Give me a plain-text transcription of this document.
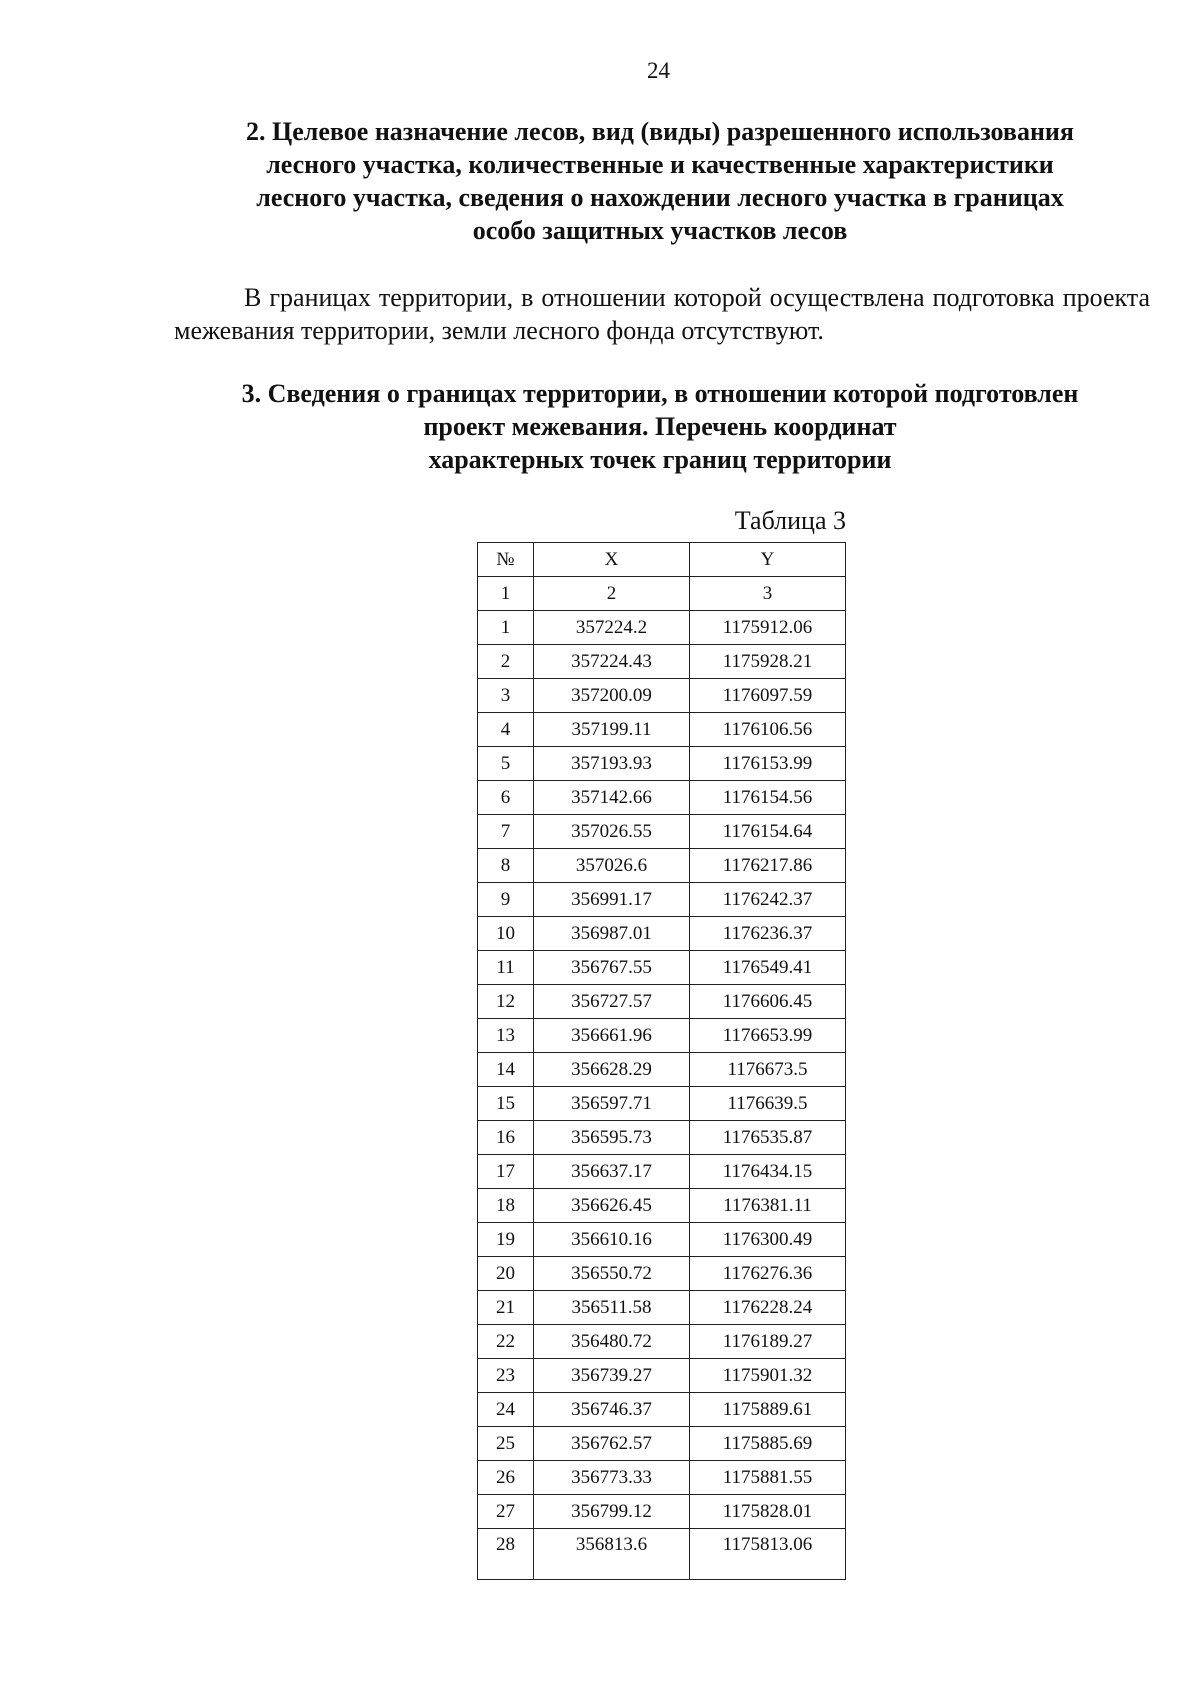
24
2. Целевое назначение лесов, вид (виды) разрешенного использования
лесного участка, количественные и качественные характеристики
лесного участка, сведения о нахождении лесного участка в границах
особо защитных участков лесов
В границах территории, в отношении которой осуществлена подготовка проекта межевания территории, земли лесного фонда отсутствуют.
3. Сведения о границах территории, в отношении которой подготовлен
проект межевания. Перечень координат
характерных точек границ территории
Таблица 3
№	X	Y
1	2	3
1	357224.2	1175912.06
2	357224.43	1175928.21
3	357200.09	1176097.59
4	357199.11	1176106.56
5	357193.93	1176153.99
6	357142.66	1176154.56
7	357026.55	1176154.64
8	357026.6	1176217.86
9	356991.17	1176242.37
10	356987.01	1176236.37
11	356767.55	1176549.41
12	356727.57	1176606.45
13	356661.96	1176653.99
14	356628.29	1176673.5
15	356597.71	1176639.5
16	356595.73	1176535.87
17	356637.17	1176434.15
18	356626.45	1176381.11
19	356610.16	1176300.49
20	356550.72	1176276.36
21	356511.58	1176228.24
22	356480.72	1176189.27
23	356739.27	1175901.32
24	356746.37	1175889.61
25	356762.57	1175885.69
26	356773.33	1175881.55
27	356799.12	1175828.01
28	356813.6	1175813.06
